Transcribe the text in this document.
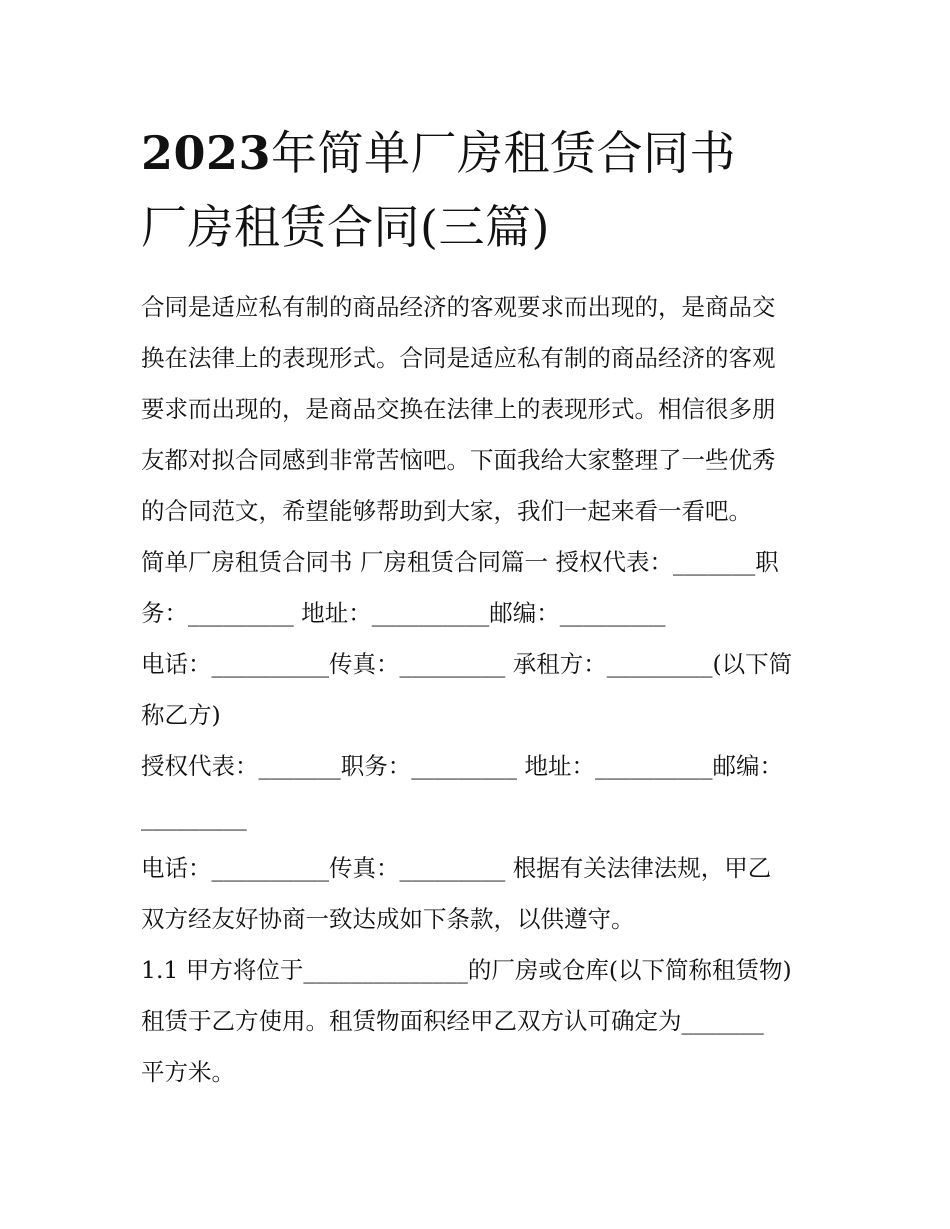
2023年简单厂房租赁合同书
厂房租赁合同(三篇)

合同是适应私有制的商品经济的客观要求而出现的，是商品交
换在法律上的表现形式。合同是适应私有制的商品经济的客观
要求而出现的，是商品交换在法律上的表现形式。相信很多朋
友都对拟合同感到非常苦恼吧。下面我给大家整理了一些优秀
的合同范文，希望能够帮助到大家，我们一起来看一看吧。

简单厂房租赁合同书 厂房租赁合同篇一 授权代表：_______职
务：_________ 地址：__________邮编：_________

电话：__________传真：_________ 承租方：_________(以下简
称乙方)

授权代表：_______职务：_________ 地址：__________邮编：
_________

电话：__________传真：_________ 根据有关法律法规，甲乙
双方经友好协商一致达成如下条款，以供遵守。

1.1 甲方将位于______________的厂房或仓库(以下简称租赁物)
租赁于乙方使用。租赁物面积经甲乙双方认可确定为_______
平方米。
